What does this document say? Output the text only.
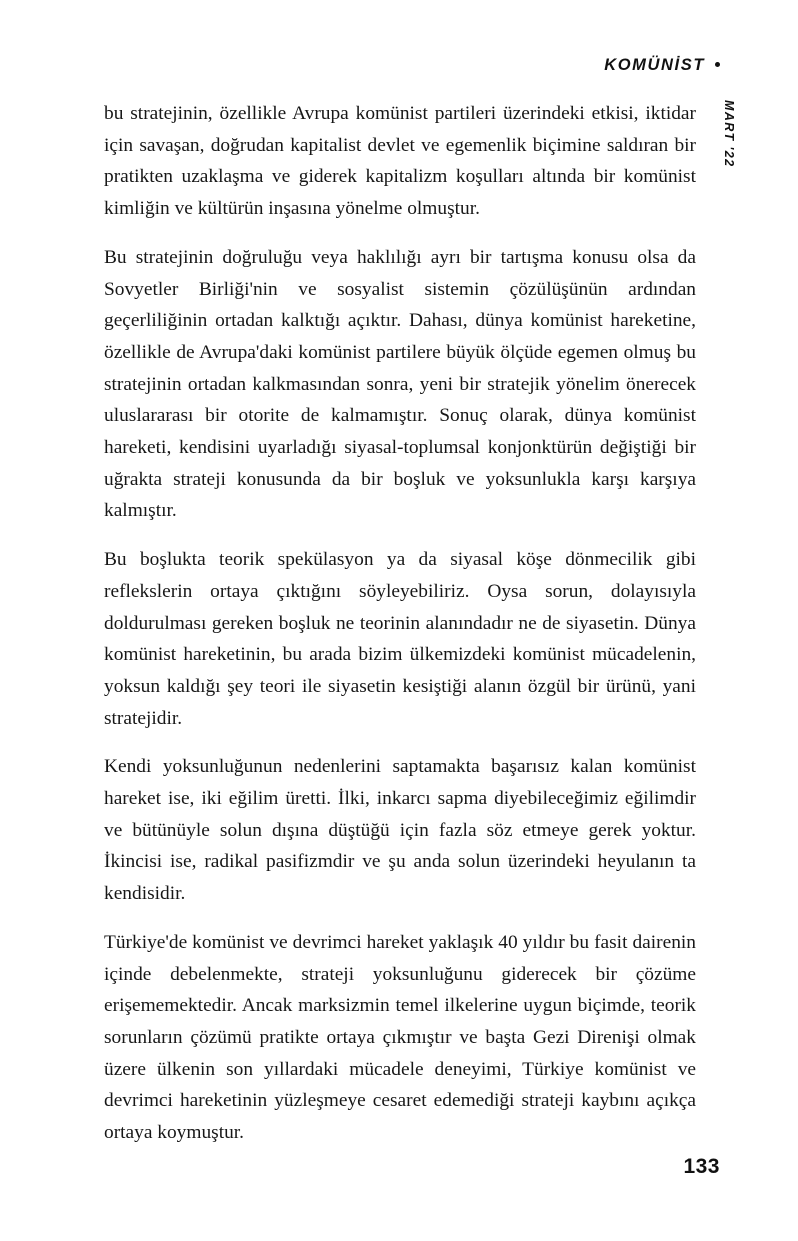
KOMÜNİST
MART '22

bu stratejinin, özellikle Avrupa komünist partileri üzerindeki etkisi, iktidar için savaşan, doğrudan kapitalist devlet ve egemenlik biçimine saldıran bir pratikten uzaklaşma ve giderek kapitalizm koşulları altında bir komünist kimliğin ve kültürün inşasına yönelme olmuştur.

Bu stratejinin doğruluğu veya haklılığı ayrı bir tartışma konusu olsa da Sovyetler Birliği'nin ve sosyalist sistemin çözülüşünün ardından geçerliliğinin ortadan kalktığı açıktır. Dahası, dünya komünist hareketine, özellikle de Avrupa'daki komünist partilere büyük ölçüde egemen olmuş bu stratejinin ortadan kalkmasından sonra, yeni bir stratejik yönelim önerecek uluslararası bir otorite de kalmamıştır. Sonuç olarak, dünya komünist hareketi, kendisini uyarladığı siyasal-toplumsal konjonktürün değiştiği bir uğrakta strateji konusunda da bir boşluk ve yoksunlukla karşı karşıya kalmıştır.

Bu boşlukta teorik spekülasyon ya da siyasal köşe dönmecilik gibi reflekslerin ortaya çıktığını söyleyebiliriz. Oysa sorun, dolayısıyla doldurulması gereken boşluk ne teorinin alanındadır ne de siyasetin. Dünya komünist hareketinin, bu arada bizim ülkemizdeki komünist mücadelenin, yoksun kaldığı şey teori ile siyasetin kesiştiği alanın özgül bir ürünü, yani stratejidir.

Kendi yoksunluğunun nedenlerini saptamakta başarısız kalan komünist hareket ise, iki eğilim üretti. İlki, inkarcı sapma diyebileceğimiz eğilimdir ve bütünüyle solun dışına düştüğü için fazla söz etmeye gerek yoktur. İkincisi ise, radikal pasifizmdir ve şu anda solun üzerindeki heyulanın ta kendisidir.

Türkiye'de komünist ve devrimci hareket yaklaşık 40 yıldır bu fasit dairenin içinde debelenmekte, strateji yoksunluğunu giderecek bir çözüme erişememektedir. Ancak marksizmin temel ilkelerine uygun biçimde, teorik sorunların çözümü pratikte ortaya çıkmıştır ve başta Gezi Direnişi olmak üzere ülkenin son yıllardaki mücadele deneyimi, Türkiye komünist ve devrimci hareketinin yüzleşmeye cesaret edemediği strateji kaybını açıkça ortaya koymuştur.

133
